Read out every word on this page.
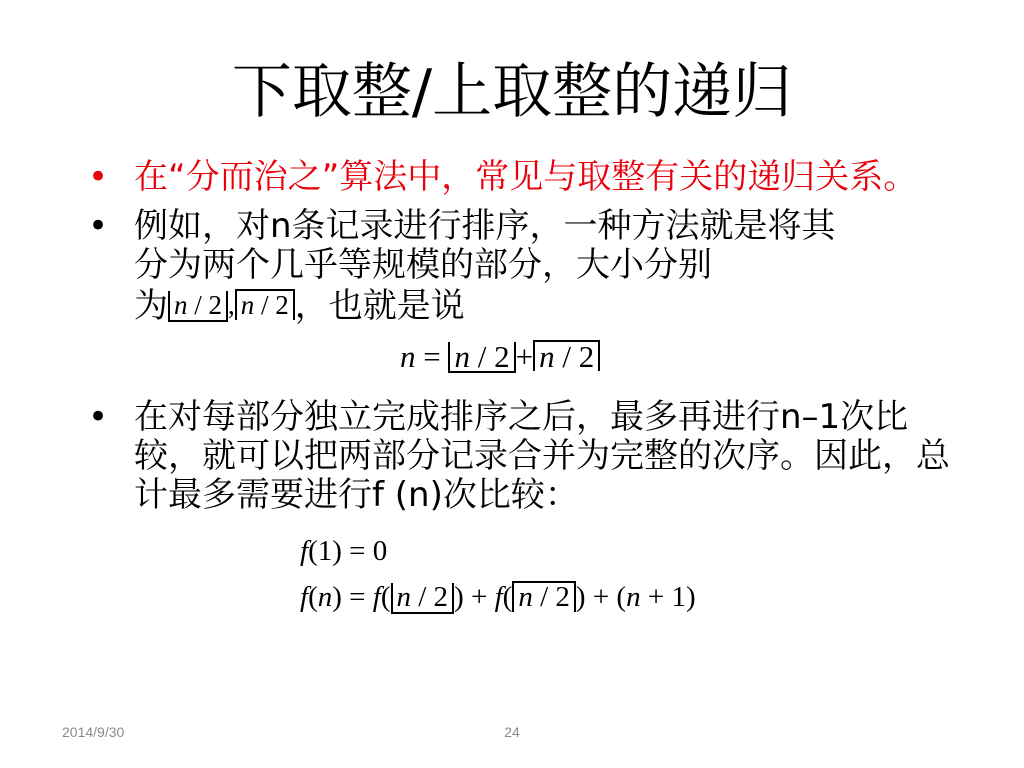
下取整/上取整的递归
• 在“分而治之”算法中，常见与取整有关的递归关系。
• 例如，对n条记录进行排序，一种方法就是将其
分为两个几乎等规模的部分，大小分别
为 n / 2 , n / 2 ，也就是说
n = n / 2 + n / 2
• 在对每部分独立完成排序之后，最多再进行n–1次比较，就可以把两部分记录合并为完整的次序。因此，总计最多需要进行f (n)次比较：
f(1) = 0
f(n) = f( n / 2 ) + f( n / 2 ) + (n + 1)
2014/9/30	24
